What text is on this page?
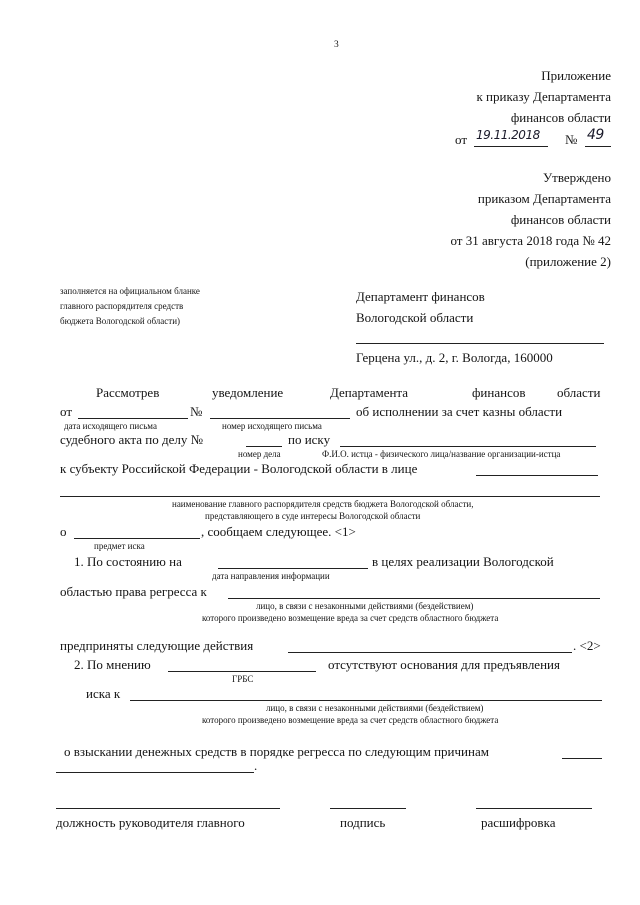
3
Приложение
к приказу Департамента
финансов области
от 19.11.2018 № 49
Утверждено
приказом Департамента
финансов области
от 31 августа 2018 года № 42
(приложение 2)
заполняется на официальном бланке
главного распорядителя средств
бюджета Вологодской области)
Департамент финансов
Вологодской области
Герцена ул., д. 2, г. Вологда, 160000
Рассмотрев	уведомление	Департамента	финансов области
от	№	об исполнении за счет казны области
дата исходящего письма	номер исходящего письма
судебного акта по делу №	по иску
номер дела	Ф.И.О. истца - физического лица/название организации-истца
к субъекту Российской Федерации - Вологодской области в лице
наименование главного распорядителя средств бюджета Вологодской области,
представляющего в суде интересы Вологодской области
о	, сообщаем следующее. <1>
предмет иска
1. По состоянию на	в целях реализации Вологодской
дата направления информации
областью права регресса к
лицо, в связи с незаконными действиями (бездействием)
которого произведено возмещение вреда за счет средств областного бюджета
предприняты следующие действия	. <2>
2. По мнению	отсутствуют основания для предъявления
ГРБС
иска к
лицо, в связи с незаконными действиями (бездействием)
которого произведено возмещение вреда за счет средств областного бюджета
о взыскании денежных средств в порядке регресса по следующим причинам
.
должность руководителя главного	подпись	расшифровка
